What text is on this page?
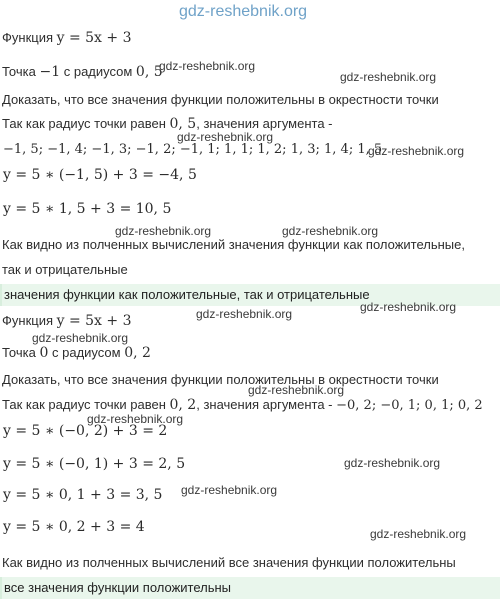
gdz-reshebnik.org
Функция y = 5x + 3
Точка −1 с радиусом 0, 5
Доказать, что все значения функции положительны в окрестности точки
Так как радиус точки равен 0, 5, значения аргумента -
−1, 5; −1, 4; −1, 3; −1, 2; −1, 1; 1, 1; 1, 2; 1, 3; 1, 4; 1, 5
y = 5 ∗ (−1, 5) + 3 = −4, 5
y = 5 ∗ 1, 5 + 3 = 10, 5
Как видно из полченных вычислений значения функции как положительные,
так и отрицательные
значения функции как положительные, так и отрицательные
Функция y = 5x + 3
Точка 0 с радиусом 0, 2
Доказать, что все значения функции положительны в окрестности точки
Так как радиус точки равен 0, 2, значения аргумента - −0, 2; −0, 1; 0, 1; 0, 2
y = 5 ∗ (−0, 2) + 3 = 2
y = 5 ∗ (−0, 1) + 3 = 2, 5
y = 5 ∗ 0, 1 + 3 = 3, 5
y = 5 ∗ 0, 2 + 3 = 4
Как видно из полченных вычислений все значения функции положительны
все значения функции положительны
gdz-reshebnik.org
gdz-reshebnik.org
gdz-reshebnik.org
gdz-reshebnik.org
gdz-reshebnik.org	gdz-reshebnik.org
gdz-reshebnik.org
gdz-reshebnik.org
gdz-reshebnik.org
gdz-reshebnik.org
gdz-reshebnik.org
gdz-reshebnik.org
gdz-reshebnik.org
gdz-reshebnik.org
